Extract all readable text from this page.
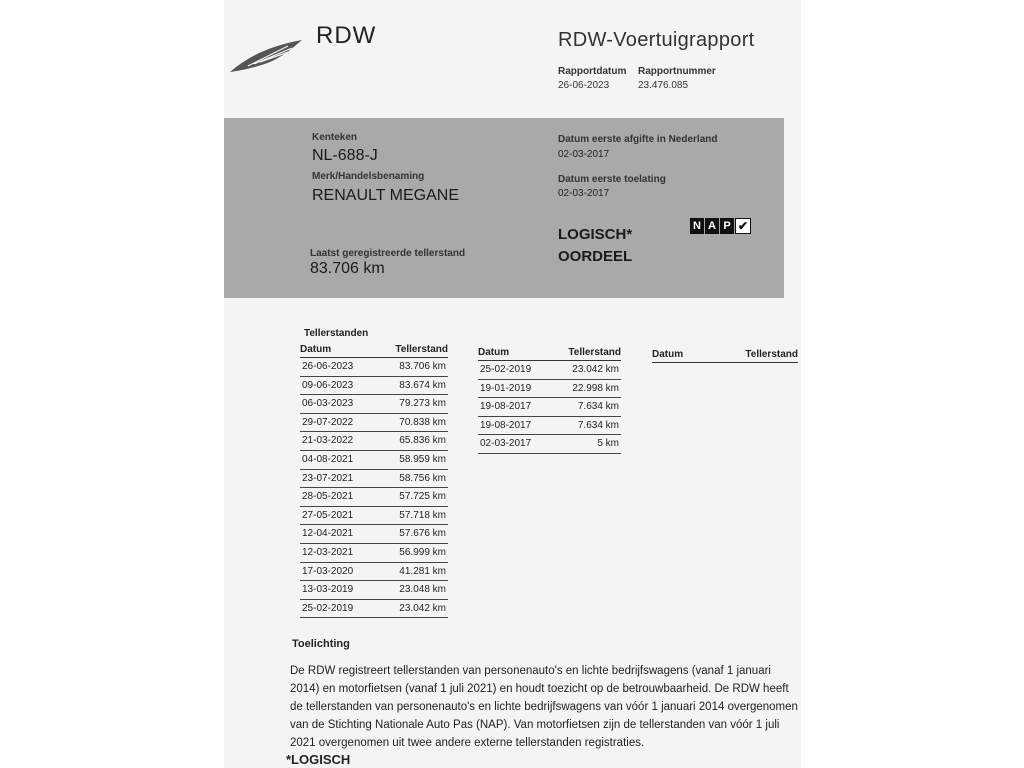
RDW	RDW-Voertuigrapport
Rapportdatum
26-06-2023
Rapportnummer
23.476.085
Kenteken
NL-688-J
Merk/Handelsbenaming
RENAULT MEGANE
Laatst geregistreerde tellerstand
83.706 km
Datum eerste afgifte in Nederland
02-03-2017
Datum eerste toelating
02-03-2017
LOGISCH*
OORDEEL
N A P ✔
Tellerstanden
Datum	Tellerstand
26-06-2023	83.706 km
09-06-2023	83.674 km
06-03-2023	79.273 km
29-07-2022	70.838 km
21-03-2022	65.836 km
04-08-2021	58.959 km
23-07-2021	58.756 km
28-05-2021	57.725 km
27-05-2021	57.718 km
12-04-2021	57.676 km
12-03-2021	56.999 km
17-03-2020	41.281 km
13-03-2019	23.048 km
25-02-2019	23.042 km
Datum	Tellerstand
25-02-2019	23.042 km
19-01-2019	22.998 km
19-08-2017	7.634 km
19-08-2017	7.634 km
02-03-2017	5 km
Datum	Tellerstand
Toelichting
De RDW registreert tellerstanden van personenauto's en lichte bedrijfswagens (vanaf 1 januari 2014) en motorfietsen (vanaf 1 juli 2021) en houdt toezicht op de betrouwbaarheid. De RDW heeft de tellerstanden van personenauto's en lichte bedrijfswagens van vóór 1 januari 2014 overgenomen van de Stichting Nationale Auto Pas (NAP). Van motorfietsen zijn de tellerstanden van vóór 1 juli 2021 overgenomen uit twee andere externe tellerstanden registraties.
*LOGISCH
